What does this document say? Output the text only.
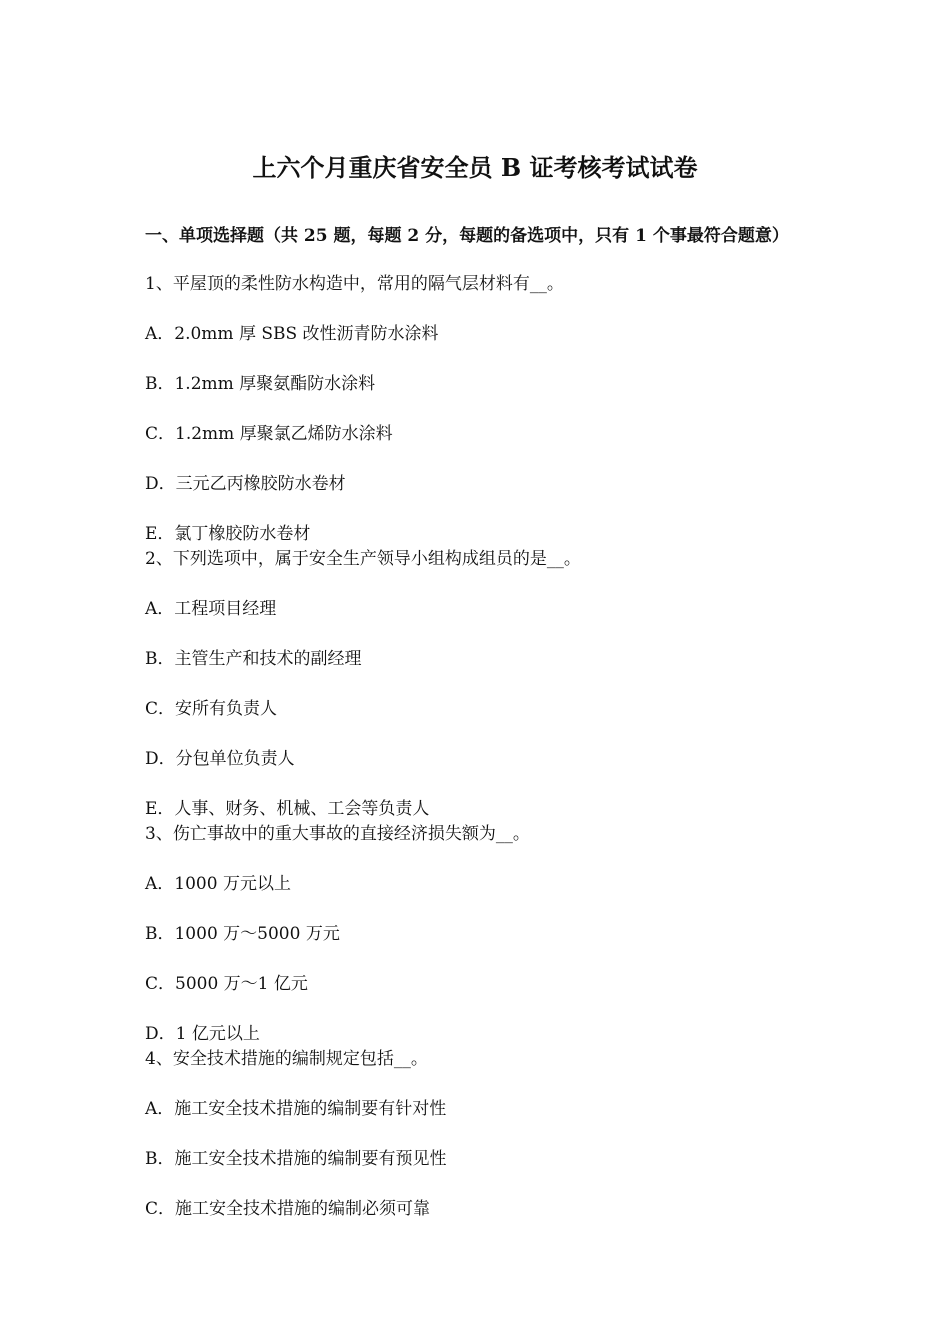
上六个月重庆省安全员 B 证考核考试试卷
一、单项选择题（共 25 题，每题 2 分，每题的备选项中，只有 1 个事最符合题意）

1、平屋顶的柔性防水构造中，常用的隔气层材料有__。

A．2.0mm 厚 SBS 改性沥青防水涂料

B．1.2mm 厚聚氨酯防水涂料

C．1.2mm 厚聚氯乙烯防水涂料

D．三元乙丙橡胶防水卷材

E．氯丁橡胶防水卷材

2、下列选项中，属于安全生产领导小组构成组员的是__。

A．工程项目经理

B．主管生产和技术的副经理

C．安所有负责人

D．分包单位负责人

E．人事、财务、机械、工会等负责人

3、伤亡事故中的重大事故的直接经济损失额为__。

A．1000 万元以上

B．1000 万～5000 万元

C．5000 万～1 亿元

D．1 亿元以上

4、安全技术措施的编制规定包括__。

A．施工安全技术措施的编制要有针对性

B．施工安全技术措施的编制要有预见性

C．施工安全技术措施的编制必须可靠
